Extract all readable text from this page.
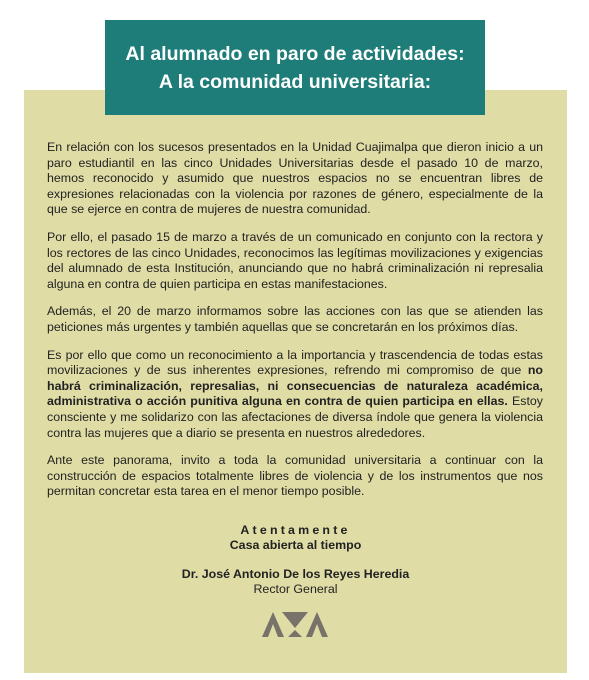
Al alumnado en paro de actividades:
A la comunidad universitaria:

En relación con los sucesos presentados en la Unidad Cuajimalpa que dieron inicio a un paro estudiantil en las cinco Unidades Universitarias desde el pasado 10 de marzo, hemos reconocido y asumido que nuestros espacios no se encuentran libres de expresiones relacionadas con la violencia por razones de género, especialmente de la que se ejerce en contra de mujeres de nuestra comunidad.

Por ello, el pasado 15 de marzo a través de un comunicado en conjunto con la rectora y los rectores de las cinco Unidades, reconocimos las legítimas movilizaciones y exigencias del alumnado de esta Institución, anunciando que no habrá criminalización ni represalia alguna en contra de quien participa en estas manifestaciones.

Además, el 20 de marzo informamos sobre las acciones con las que se atienden las peticiones más urgentes y también aquellas que se concretarán en los próximos días.

Es por ello que como un reconocimiento a la importancia y trascendencia de todas estas movilizaciones y de sus inherentes expresiones, refrendo mi compromiso de que no habrá criminalización, represalias, ni consecuencias de naturaleza académica, administrativa o acción punitiva alguna en contra de quien participa en ellas. Estoy consciente y me solidarizo con las afectaciones de diversa índole que genera la violencia contra las mujeres que a diario se presenta en nuestros alrededores.

Ante este panorama, invito a toda la comunidad universitaria a continuar con la construcción de espacios totalmente libres de violencia y de los instrumentos que nos permitan concretar esta tarea en el menor tiempo posible.

Atentamente
Casa abierta al tiempo
Dr. José Antonio De los Reyes Heredia
Rector General
